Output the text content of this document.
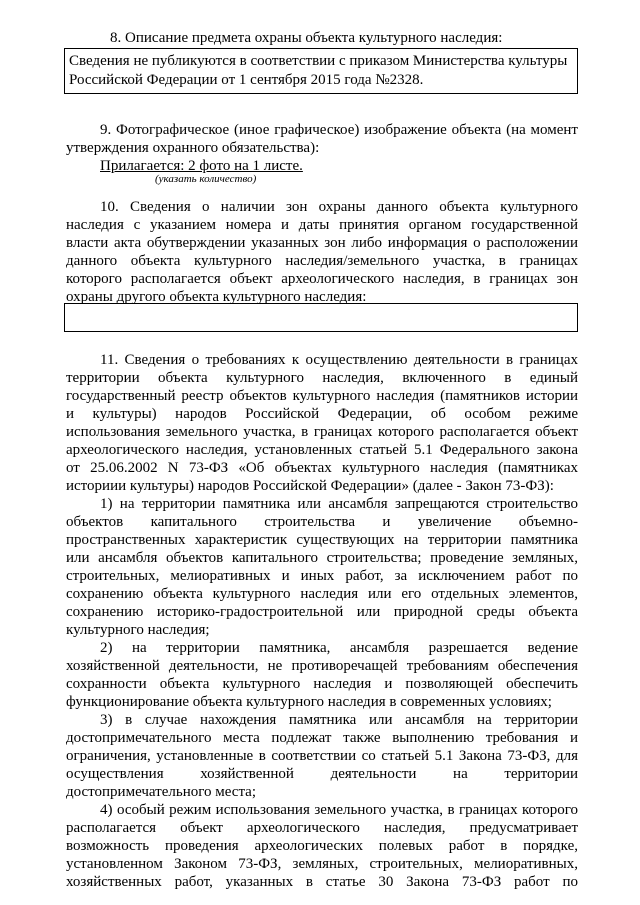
8. Описание предмета охраны объекта культурного наследия:
Сведения не публикуются в соответствии с приказом Министерства культуры
Российской Федерации от 1 сентября 2015 года №2328.
9. Фотографическое (иное графическое) изображение объекта (на момент
утверждения охранного обязательства):
Прилагается: 2 фото на 1 листе.
(указать количество)
10. Сведения о наличии зон охраны данного объекта культурного
наследия с указанием номера и даты принятия органом государственной
власти акта обутверждении указанных зон либо информация о расположении
данного объекта культурного наследия/земельного участка, в границах
которого располагается объект археологического наследия, в границах зон
охраны другого объекта культурного наследия:
11. Сведения о требованиях к осуществлению деятельности в границах
территории объекта культурного наследия, включенного в единый
государственный реестр объектов культурного наследия (памятников истории
и культуры) народов Российской Федерации, об особом режиме
использования земельного участка, в границах которого располагается объект
археологического наследия, установленных статьей 5.1 Федерального закона
от 25.06.2002 N 73-ФЗ «Об объектах культурного наследия (памятниках
историии культуры) народов Российской Федерации» (далее - Закон 73-ФЗ):
1) на территории памятника или ансамбля запрещаются строительство
объектов капитального строительства и увеличение объемно-
пространственных характеристик существующих на территории памятника
или ансамбля объектов капитального строительства; проведение земляных,
строительных, мелиоративных и иных работ, за исключением работ по
сохранению объекта культурного наследия или его отдельных элементов,
сохранению историко-градостроительной или природной среды объекта
культурного наследия;
2) на территории памятника, ансамбля разрешается ведение
хозяйственной деятельности, не противоречащей требованиям обеспечения
сохранности объекта культурного наследия и позволяющей обеспечить
функционирование объекта культурного наследия в современных условиях;
3) в случае нахождения памятника или ансамбля на территории
достопримечательного места подлежат также выполнению требования и
ограничения, установленные в соответствии со статьей 5.1 Закона 73-ФЗ, для
осуществления хозяйственной деятельности на территории
достопримечательного места;
4) особый режим использования земельного участка, в границах которого
располагается объект археологического наследия, предусматривает
возможность проведения археологических полевых работ в порядке,
установленном Законом 73-ФЗ, земляных, строительных, мелиоративных,
хозяйственных работ, указанных в статье 30 Закона 73-ФЗ работ по
